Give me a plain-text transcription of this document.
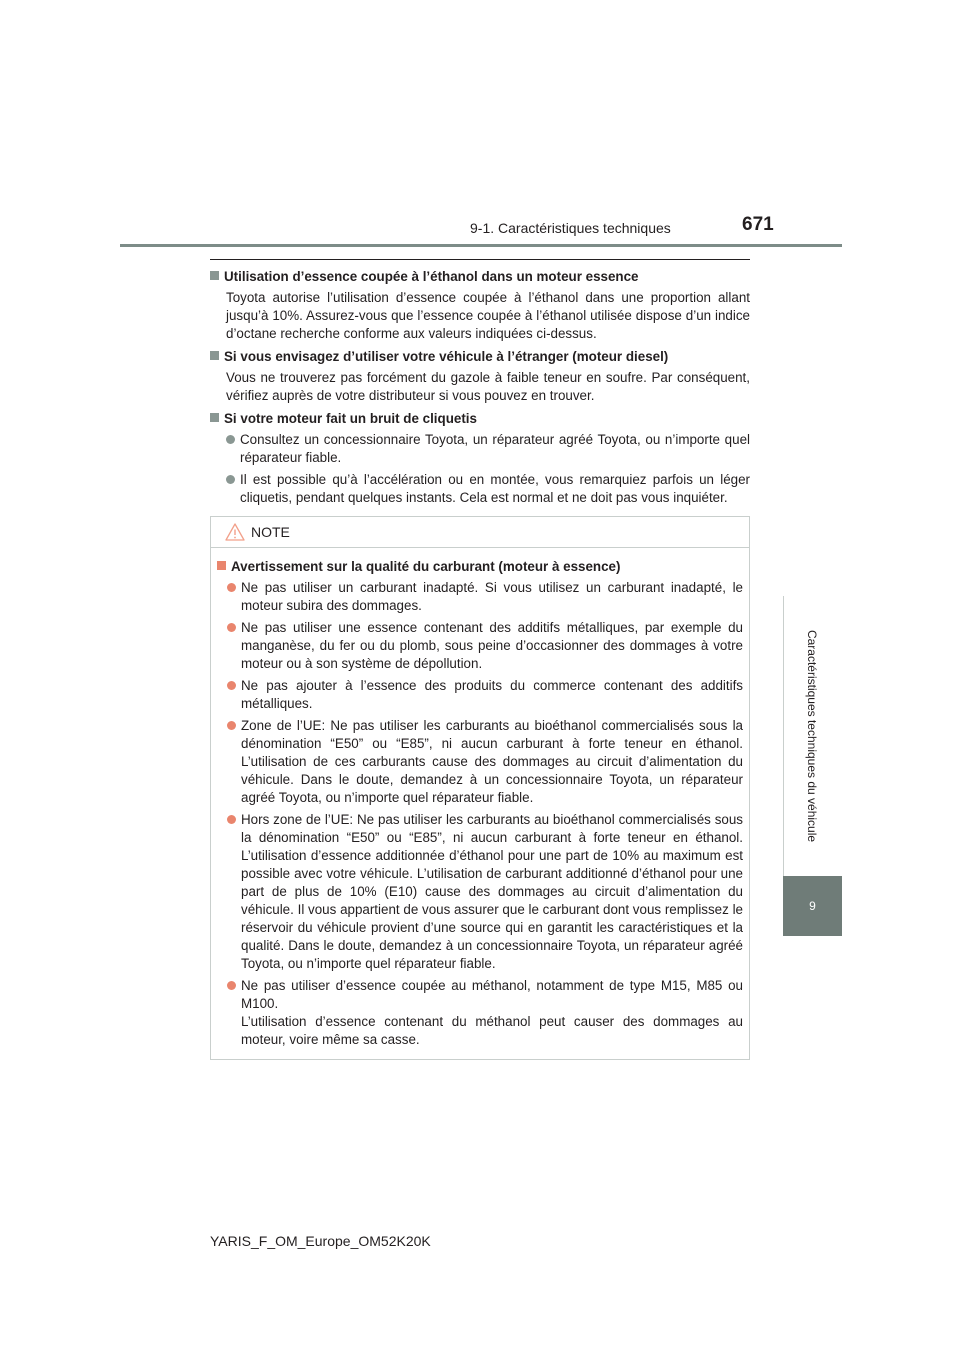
9-1. Caractéristiques techniques	671
Caractéristiques techniques du véhicule
9
Utilisation d’essence coupée à l’éthanol dans un moteur essence
Toyota autorise l’utilisation d’essence coupée à l’éthanol dans une proportion allant jusqu’à 10%. Assurez-vous que l’essence coupée à l’éthanol utilisée dispose d’un indice d’octane recherche conforme aux valeurs indiquées ci-dessus.
Si vous envisagez d’utiliser votre véhicule à l’étranger (moteur diesel)
Vous ne trouverez pas forcément du gazole à faible teneur en soufre. Par conséquent, vérifiez auprès de votre distributeur si vous pouvez en trouver.
Si votre moteur fait un bruit de cliquetis
Consultez un concessionnaire Toyota, un réparateur agréé Toyota, ou n’importe quel réparateur fiable.
Il est possible qu’à l’accélération ou en montée, vous remarquiez parfois un léger cliquetis, pendant quelques instants. Cela est normal et ne doit pas vous inquiéter.
NOTE
Avertissement sur la qualité du carburant (moteur à essence)
Ne pas utiliser un carburant inadapté. Si vous utilisez un carburant inadapté, le moteur subira des dommages.
Ne pas utiliser une essence contenant des additifs métalliques, par exemple du manganèse, du fer ou du plomb, sous peine d’occasionner des dommages à votre moteur ou à son système de dépollution.
Ne pas ajouter à l’essence des produits du commerce contenant des additifs métalliques.
Zone de l’UE: Ne pas utiliser les carburants au bioéthanol commercialisés sous la dénomination “E50” ou “E85”, ni aucun carburant à forte teneur en éthanol. L’utilisation de ces carburants cause des dommages au circuit d’alimentation du véhicule. Dans le doute, demandez à un concessionnaire Toyota, un réparateur agréé Toyota, ou n’importe quel réparateur fiable.
Hors zone de l’UE: Ne pas utiliser les carburants au bioéthanol commercialisés sous la dénomination “E50” ou “E85”, ni aucun carburant à forte teneur en éthanol. L’utilisation d’essence additionnée d’éthanol pour une part de 10% au maximum est possible avec votre véhicule. L’utilisation de carburant additionné d’éthanol pour une part de plus de 10% (E10) cause des dommages au circuit d’alimentation du véhicule. Il vous appartient de vous assurer que le carburant dont vous remplissez le réservoir du véhicule provient d’une source qui en garantit les caractéristiques et la qualité. Dans le doute, demandez à un concessionnaire Toyota, un réparateur agréé Toyota, ou n’importe quel réparateur fiable.
Ne pas utiliser d’essence coupée au méthanol, notamment de type M15, M85 ou M100.
L’utilisation d’essence contenant du méthanol peut causer des dommages au moteur, voire même sa casse.
YARIS_F_OM_Europe_OM52K20K
